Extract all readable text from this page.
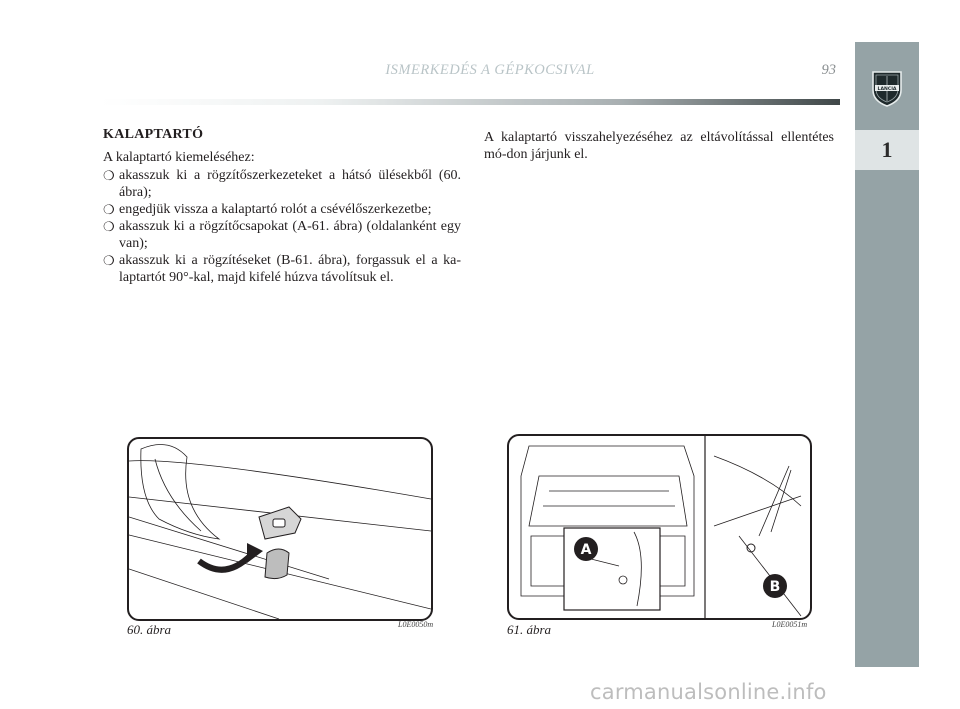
ISMERKEDÉS A GÉPKOCSIVAL	93
LANCIA
1
KALAPTARTÓ
A kalaptartó kiemeléséhez:
❍ akasszuk ki a rögzítőszerkezeteket a hátsó ülésekből (60. ábra);
❍ engedjük vissza a kalaptartó rolót a csévélőszerkezetbe;
❍ akasszuk ki a rögzítőcsapokat (A-61. ábra) (oldalanként egy van);
❍ akasszuk ki a rögzítéseket (B-61. ábra), forgassuk el a ka-laptartót 90°-kal, majd kifelé húzva távolítsuk el.

A kalaptartó visszahelyezéséhez az eltávolítással ellentétes mó-don járjunk el.

60. ábra	L0E0050m
A
B
61. ábra	L0E0051m
carmanualsonline.info
